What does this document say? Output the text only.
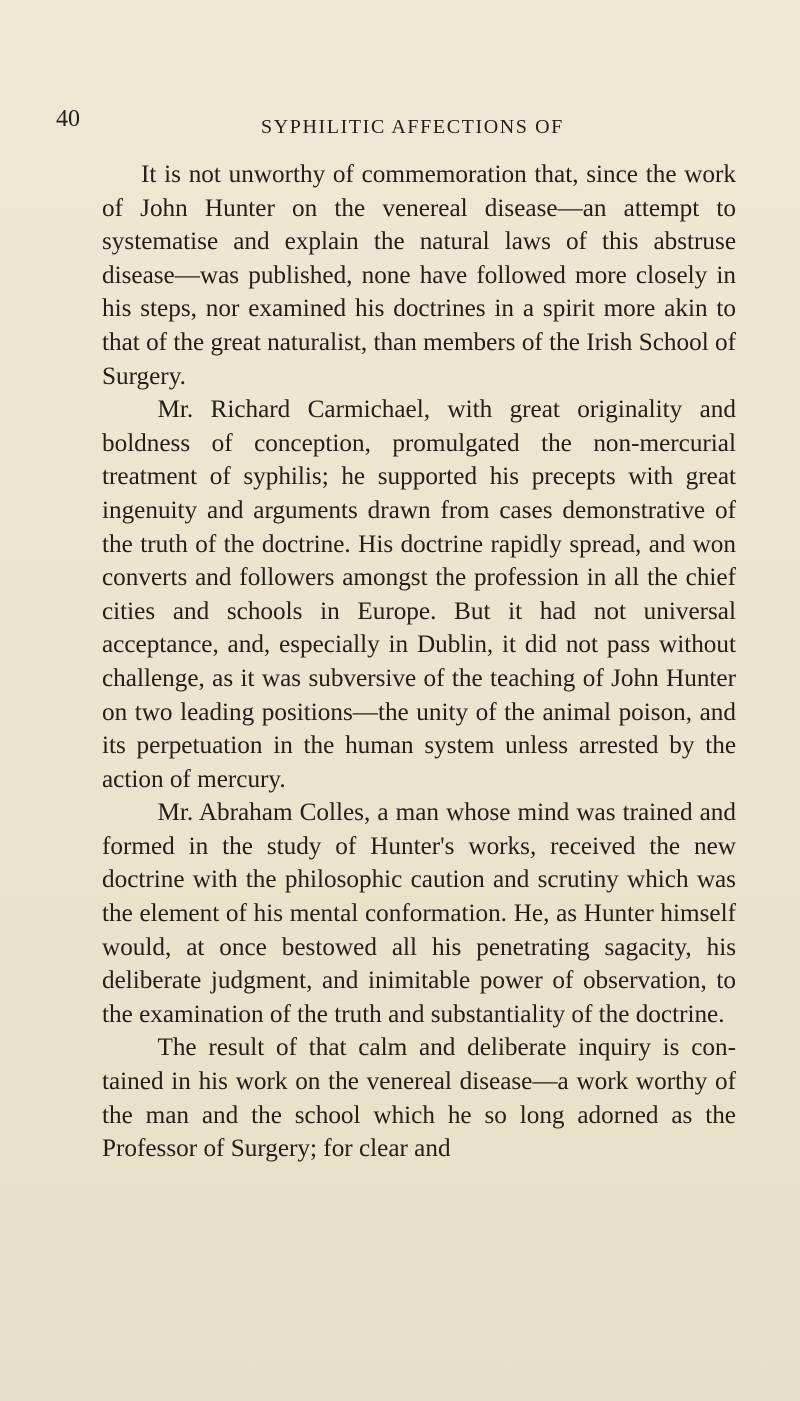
40	SYPHILITIC AFFECTIONS OF

It is not unworthy of commemoration that, since the work of John Hunter on the venereal disease—an attempt to systematise and explain the natural laws of this abstruse disease—was published, none have followed more closely in his steps, nor examined his doctrines in a spirit more akin to that of the great naturalist, than members of the Irish School of Surgery.

Mr. Richard Carmichael, with great originality and boldness of conception, promulgated the non-mercurial treatment of syphilis; he supported his precepts with great ingenuity and arguments drawn from cases demonstrative of the truth of the doctrine. His doctrine rapidly spread, and won converts and followers amongst the profession in all the chief cities and schools in Europe. But it had not universal acceptance, and, especially in Dublin, it did not pass without challenge, as it was subversive of the teaching of John Hunter on two leading positions—the unity of the animal poison, and its perpetuation in the human system unless arrested by the action of mercury.

Mr. Abraham Colles, a man whose mind was trained and formed in the study of Hunter's works, received the new doctrine with the philosophic caution and scrutiny which was the element of his mental conformation. He, as Hunter himself would, at once bestowed all his penetrating sagacity, his deliberate judgment, and inimitable power of observation, to the examination of the truth and substantiality of the doctrine.

The result of that calm and deliberate inquiry is contained in his work on the venereal disease—a work worthy of the man and the school which he so long adorned as the Professor of Surgery; for clear and
